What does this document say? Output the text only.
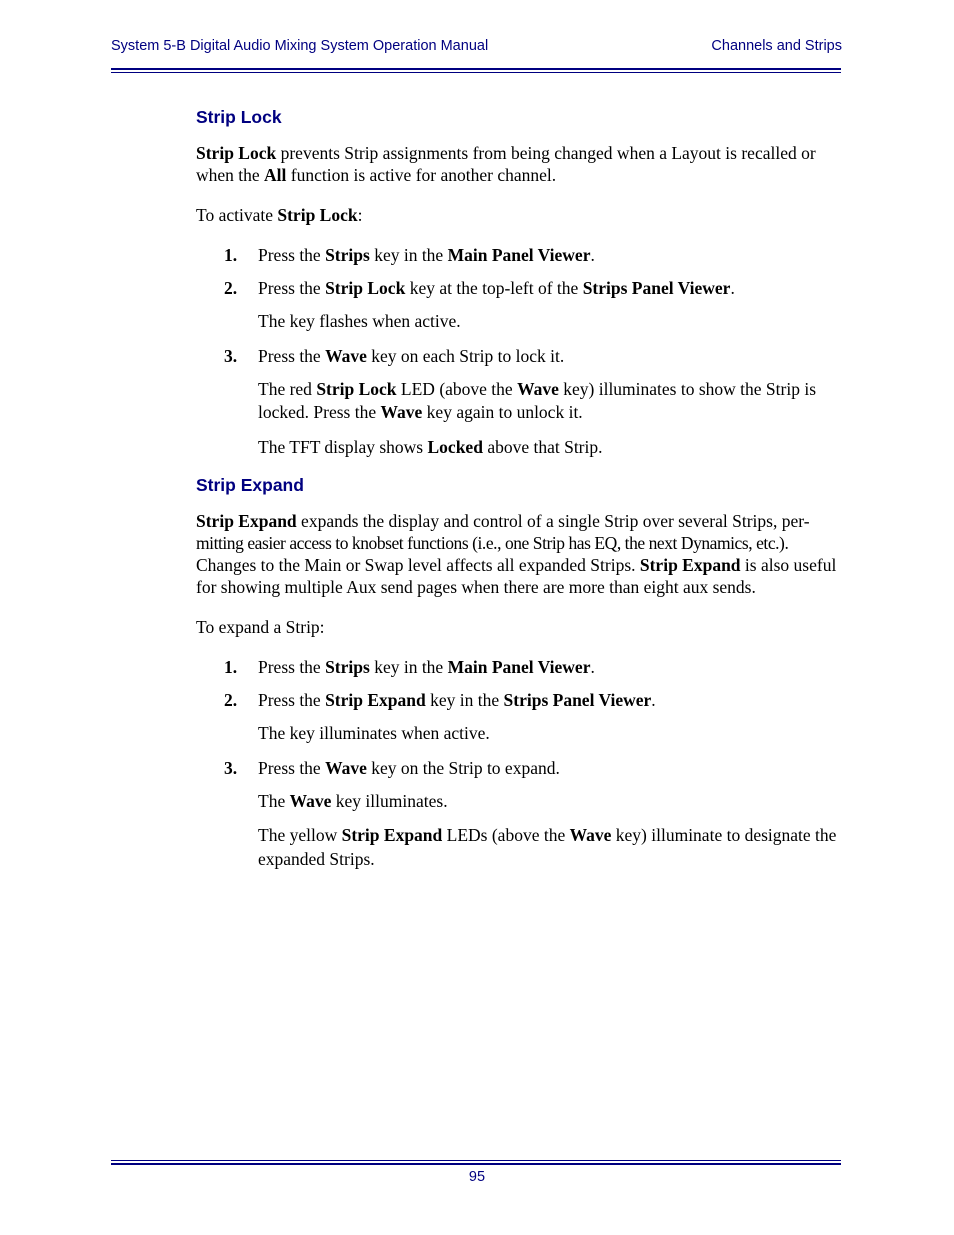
System 5-B Digital Audio Mixing System Operation Manual	Channels and Strips
Strip Lock

Strip Lock prevents Strip assignments from being changed when a Layout is recalled or when the All function is active for another channel.

To activate Strip Lock:

1. Press the Strips key in the Main Panel Viewer.
2. Press the Strip Lock key at the top-left of the Strips Panel Viewer.

The key flashes when active.

3. Press the Wave key on each Strip to lock it.

The red Strip Lock LED (above the Wave key) illuminates to show the Strip is locked. Press the Wave key again to unlock it.

The TFT display shows Locked above that Strip.

Strip Expand

Strip Expand expands the display and control of a single Strip over several Strips, per-
mitting easier access to knobset functions (i.e., one Strip has EQ, the next Dynamics, etc.).
Changes to the Main or Swap level affects all expanded Strips. Strip Expand is also useful for showing multiple Aux send pages when there are more than eight aux sends.

To expand a Strip:

1. Press the Strips key in the Main Panel Viewer.
2. Press the Strip Expand key in the Strips Panel Viewer.

The key illuminates when active.

3. Press the Wave key on the Strip to expand.

The Wave key illuminates.

The yellow Strip Expand LEDs (above the Wave key) illuminate to designate the expanded Strips.

95
